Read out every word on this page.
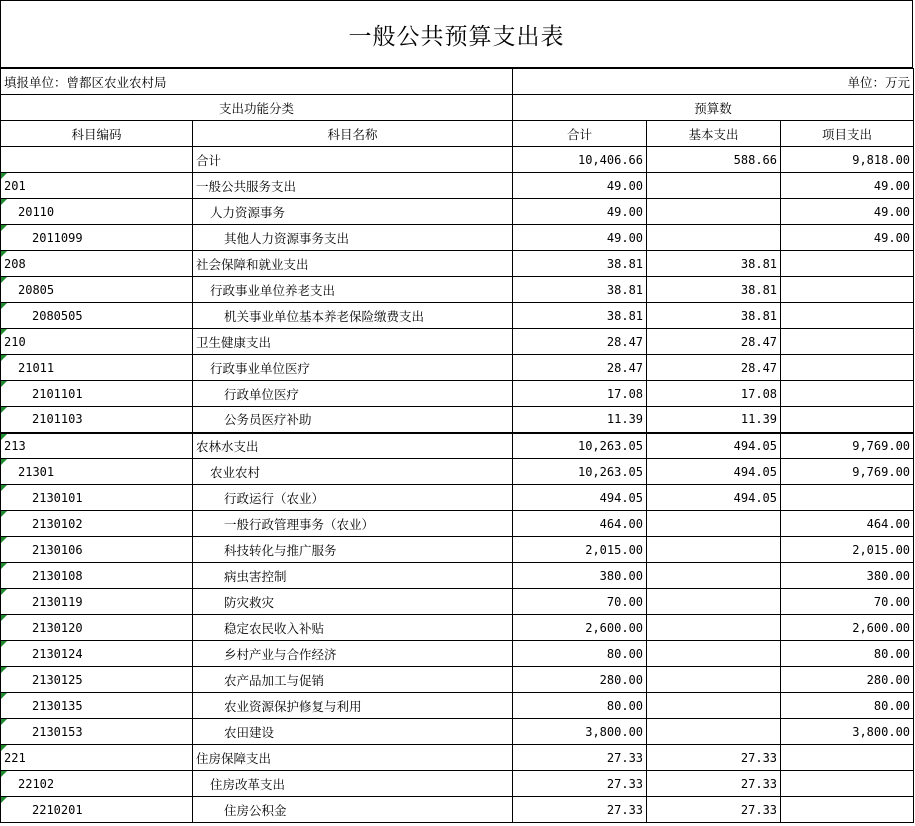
一般公共预算支出表
填报单位：曾都区农业农村局		单位：万元		
支出功能分类		预算数		
科目编码	科目名称	合计	基本支出	项目支出
	合计	10,406.66	588.66	9,818.00
201	一般公共服务支出	49.00		49.00
20110	人力资源事务	49.00		49.00
2011099	其他人力资源事务支出	49.00		49.00
208	社会保障和就业支出	38.81	38.81	
20805	行政事业单位养老支出	38.81	38.81	
2080505	机关事业单位基本养老保险缴费支出	38.81	38.81	
210	卫生健康支出	28.47	28.47	
21011	行政事业单位医疗	28.47	28.47	
2101101	行政单位医疗	17.08	17.08	
2101103	公务员医疗补助	11.39	11.39	
213	农林水支出	10,263.05	494.05	9,769.00
21301	农业农村	10,263.05	494.05	9,769.00
2130101	行政运行（农业）	494.05	494.05	
2130102	一般行政管理事务（农业）	464.00		464.00
2130106	科技转化与推广服务	2,015.00		2,015.00
2130108	病虫害控制	380.00		380.00
2130119	防灾救灾	70.00		70.00
2130120	稳定农民收入补贴	2,600.00		2,600.00
2130124	乡村产业与合作经济	80.00		80.00
2130125	农产品加工与促销	280.00		280.00
2130135	农业资源保护修复与利用	80.00		80.00
2130153	农田建设	3,800.00		3,800.00
221	住房保障支出	27.33	27.33	
22102	住房改革支出	27.33	27.33	
2210201	住房公积金	27.33	27.33	
